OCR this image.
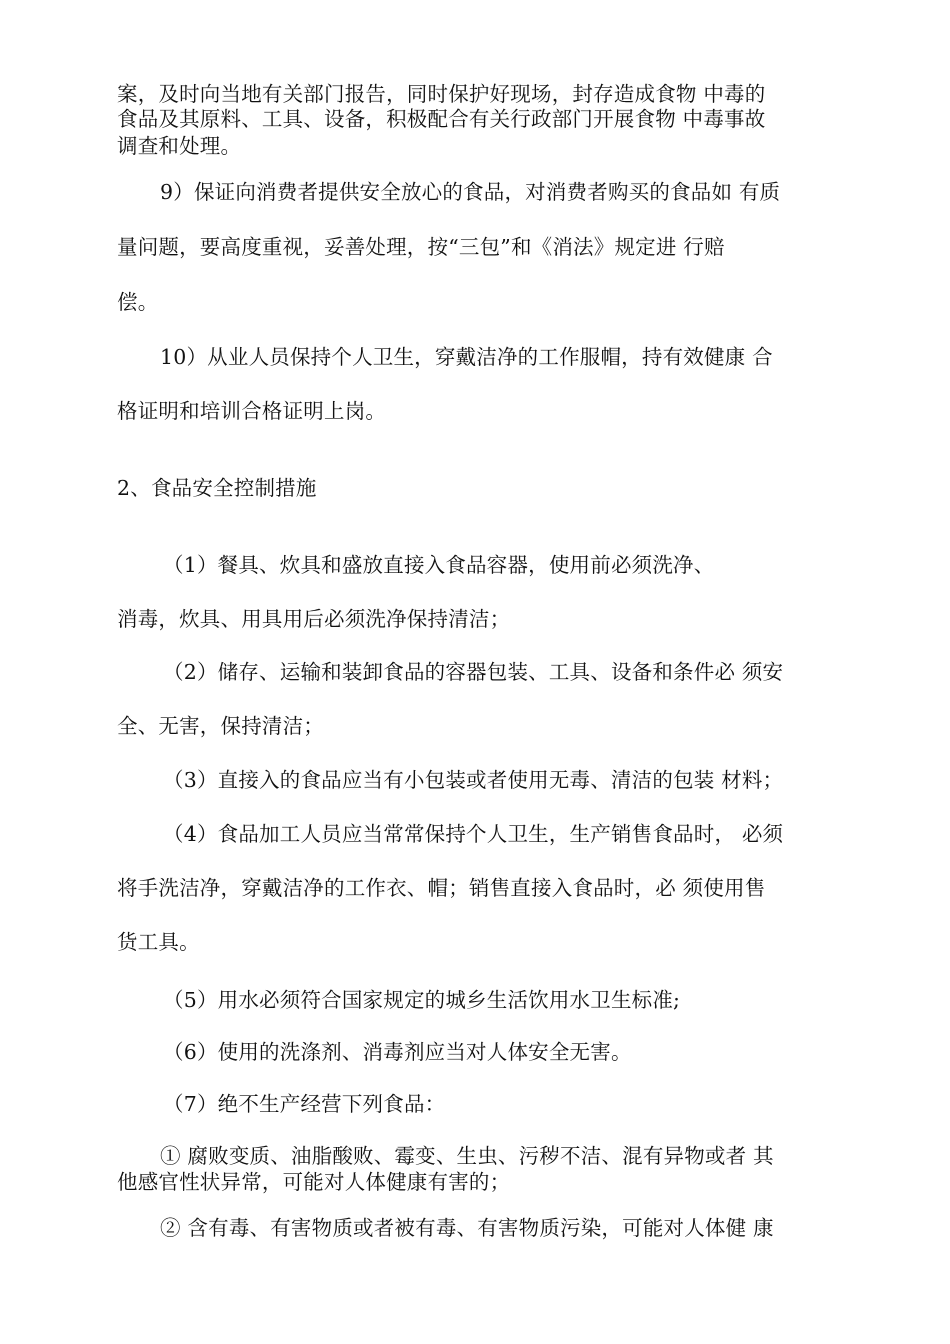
案，及时向当地有关部门报告，同时保护好现场，封存造成食物 中毒的
食品及其原料、工具、设备，积极配合有关行政部门开展食物 中毒事故
调查和处理。
9）保证向消费者提供安全放心的食品，对消费者购买的食品如 有质
量问题，要高度重视，妥善处理，按“三包”和《消法》规定进 行赔
偿。
10）从业人员保持个人卫生，穿戴洁净的工作服帽，持有效健康 合
格证明和培训合格证明上岗。
2、食品安全控制措施
（1）餐具、炊具和盛放直接入食品容器，使用前必须洗净、
消毒，炊具、用具用后必须洗净保持清洁；
（2）储存、运输和装卸食品的容器包装、工具、设备和条件必 须安
全、无害，保持清洁；
（3）直接入的食品应当有小包装或者使用无毒、清洁的包装 材料；
（4）食品加工人员应当常常保持个人卫生，生产销售食品时， 必须
将手洗洁净，穿戴洁净的工作衣、帽；销售直接入食品时，必 须使用售
货工具。
（5）用水必须符合国家规定的城乡生活饮用水卫生标准;
（6）使用的洗涤剂、消毒剂应当对人体安全无害。
（7）绝不生产经营下列食品：
① 腐败变质、油脂酸败、霉变、生虫、污秽不洁、混有异物或者 其
他感官性状异常，可能对人体健康有害的；
② 含有毒、有害物质或者被有毒、有害物质污染，可能对人体健 康
